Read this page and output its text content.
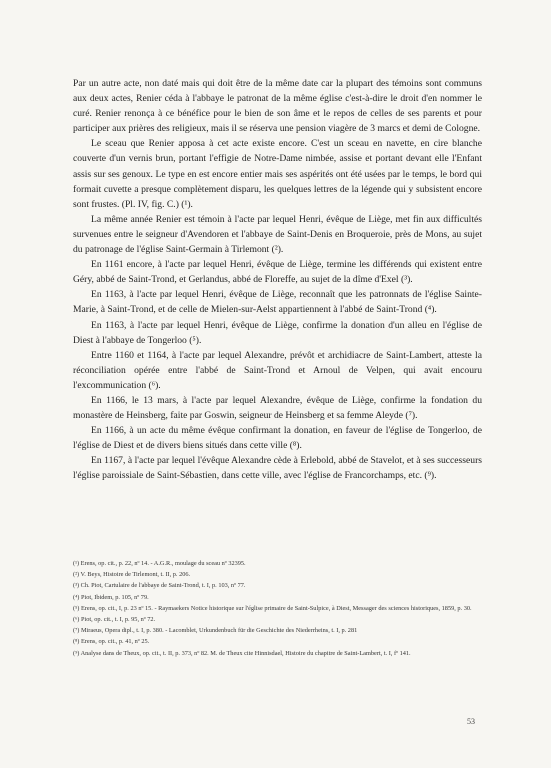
Par un autre acte, non daté mais qui doit être de la même date car la plupart des témoins sont communs aux deux actes, Renier céda à l'abbaye le patronat de la même église c'est-à-dire le droit d'en nommer le curé. Renier renonça à ce bénéfice pour le bien de son âme et le repos de celles de ses parents et pour participer aux prières des religieux, mais il se réserva une pension viagère de 3 marcs et demi de Cologne.

Le sceau que Renier apposa à cet acte existe encore. C'est un sceau en navette, en cire blanche couverte d'un vernis brun, portant l'effigie de Notre-Dame nimbée, assise et portant devant elle l'Enfant assis sur ses genoux. Le type en est encore entier mais ses aspérités ont été usées par le temps, le bord qui formait cuvette a presque complètement disparu, les quelques lettres de la légende qui y subsistent encore sont frustes. (Pl. IV, fig. C.) (¹).

La même année Renier est témoin à l'acte par lequel Henri, évêque de Liège, met fin aux difficultés survenues entre le seigneur d'Avendoren et l'abbaye de Saint-Denis en Broqueroie, près de Mons, au sujet du patronage de l'église Saint-Germain à Tirlemont (²).

En 1161 encore, à l'acte par lequel Henri, évêque de Liège, termine les différends qui existent entre Géry, abbé de Saint-Trond, et Gerlandus, abbé de Floreffe, au sujet de la dîme d'Exel (³).

En 1163, à l'acte par lequel Henri, évêque de Liège, reconnaît que les patronnats de l'église Sainte-Marie, à Saint-Trond, et de celle de Mielen-sur-Aelst appartiennent à l'abbé de Saint-Trond (⁴).

En 1163, à l'acte par lequel Henri, évêque de Liège, confirme la donation d'un alleu en l'église de Diest à l'abbaye de Tongerloo (⁵).

Entre 1160 et 1164, à l'acte par lequel Alexandre, prévôt et archidiacre de Saint-Lambert, atteste la réconciliation opérée entre l'abbé de Saint-Trond et Arnoul de Velpen, qui avait encouru l'excommunication (⁶).

En 1166, le 13 mars, à l'acte par lequel Alexandre, évêque de Liège, confirme la fondation du monastère de Heinsberg, faite par Goswin, seigneur de Heinsberg et sa femme Aleyde (⁷).

En 1166, à un acte du même évêque confirmant la donation, en faveur de l'église de Tongerloo, de l'église de Diest et de divers biens situés dans cette ville (⁸).

En 1167, à l'acte par lequel l'évêque Alexandre cède à Erlebold, abbé de Stavelot, et à ses successeurs l'église paroissiale de Saint-Sébastien, dans cette ville, avec l'église de Francorchamps, etc. (⁹).

(¹) Erens, op. cit., p. 22, nº 14. - A.G.R., moulage du sceau nº 32395.

(²) V. Beys, Histoire de Tirlemont, t. II, p. 206.

(³) Ch. Piot, Cartulaire de l'abbaye de Saint-Trond, t. I, p. 103, nº 77.

(⁴) Piot, Ibidem, p. 105, nº 79.

(⁵) Erens, op. cit., I, p. 23 nº 15. - Raymaekers Notice historique sur l'église primaire de Saint-Sulpice, à Diest, Messager des sciences historiques, 1859, p. 30.

(⁶) Piot, op. cit., t. I, p. 95, nº 72.

(⁷) Miraeus, Opera dipl., t. I, p. 380. - Lacomblet, Urkundenbuch für die Geschichte des Niederrheins, t. I, p. 281

(⁸) Erens, op. cit., p. 41, nº 25.

(⁹) Analyse dans de Theux, op. cit., t. II, p. 373, nº 82. M. de Theux cite Hinnisdael, Histoire du chapitre de Saint-Lambert, t. I, fº 141.

53
